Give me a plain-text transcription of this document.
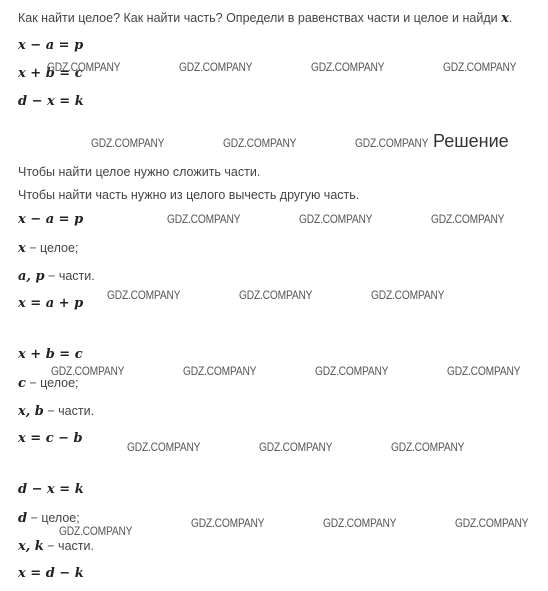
Как найти целое? Как найти часть? Определи в равенствах части и целое и найди x.
x − a = p
x + b = c
d − x = k
Решение
Чтобы найти целое нужно сложить части.
Чтобы найти часть нужно из целого вычесть другую часть.
x − a = p
x − целое;
a, p − части.
x = a + p
x + b = c
c − целое;
x, b − части.
x = c − b
d − x = k
d − целое;
x, k − части.
x = d − k
GDZ.COMPANY	GDZ.COMPANY	GDZ.COMPANY	GDZ.COMPANY
GDZ.COMPANY	GDZ.COMPANY	GDZ.COMPANY
GDZ.COMPANY	GDZ.COMPANY	GDZ.COMPANY
GDZ.COMPANY	GDZ.COMPANY	GDZ.COMPANY
GDZ.COMPANY	GDZ.COMPANY	GDZ.COMPANY	GDZ.COMPANY
GDZ.COMPANY	GDZ.COMPANY	GDZ.COMPANY
GDZ.COMPANY
GDZ.COMPANY	GDZ.COMPANY	GDZ.COMPANY
